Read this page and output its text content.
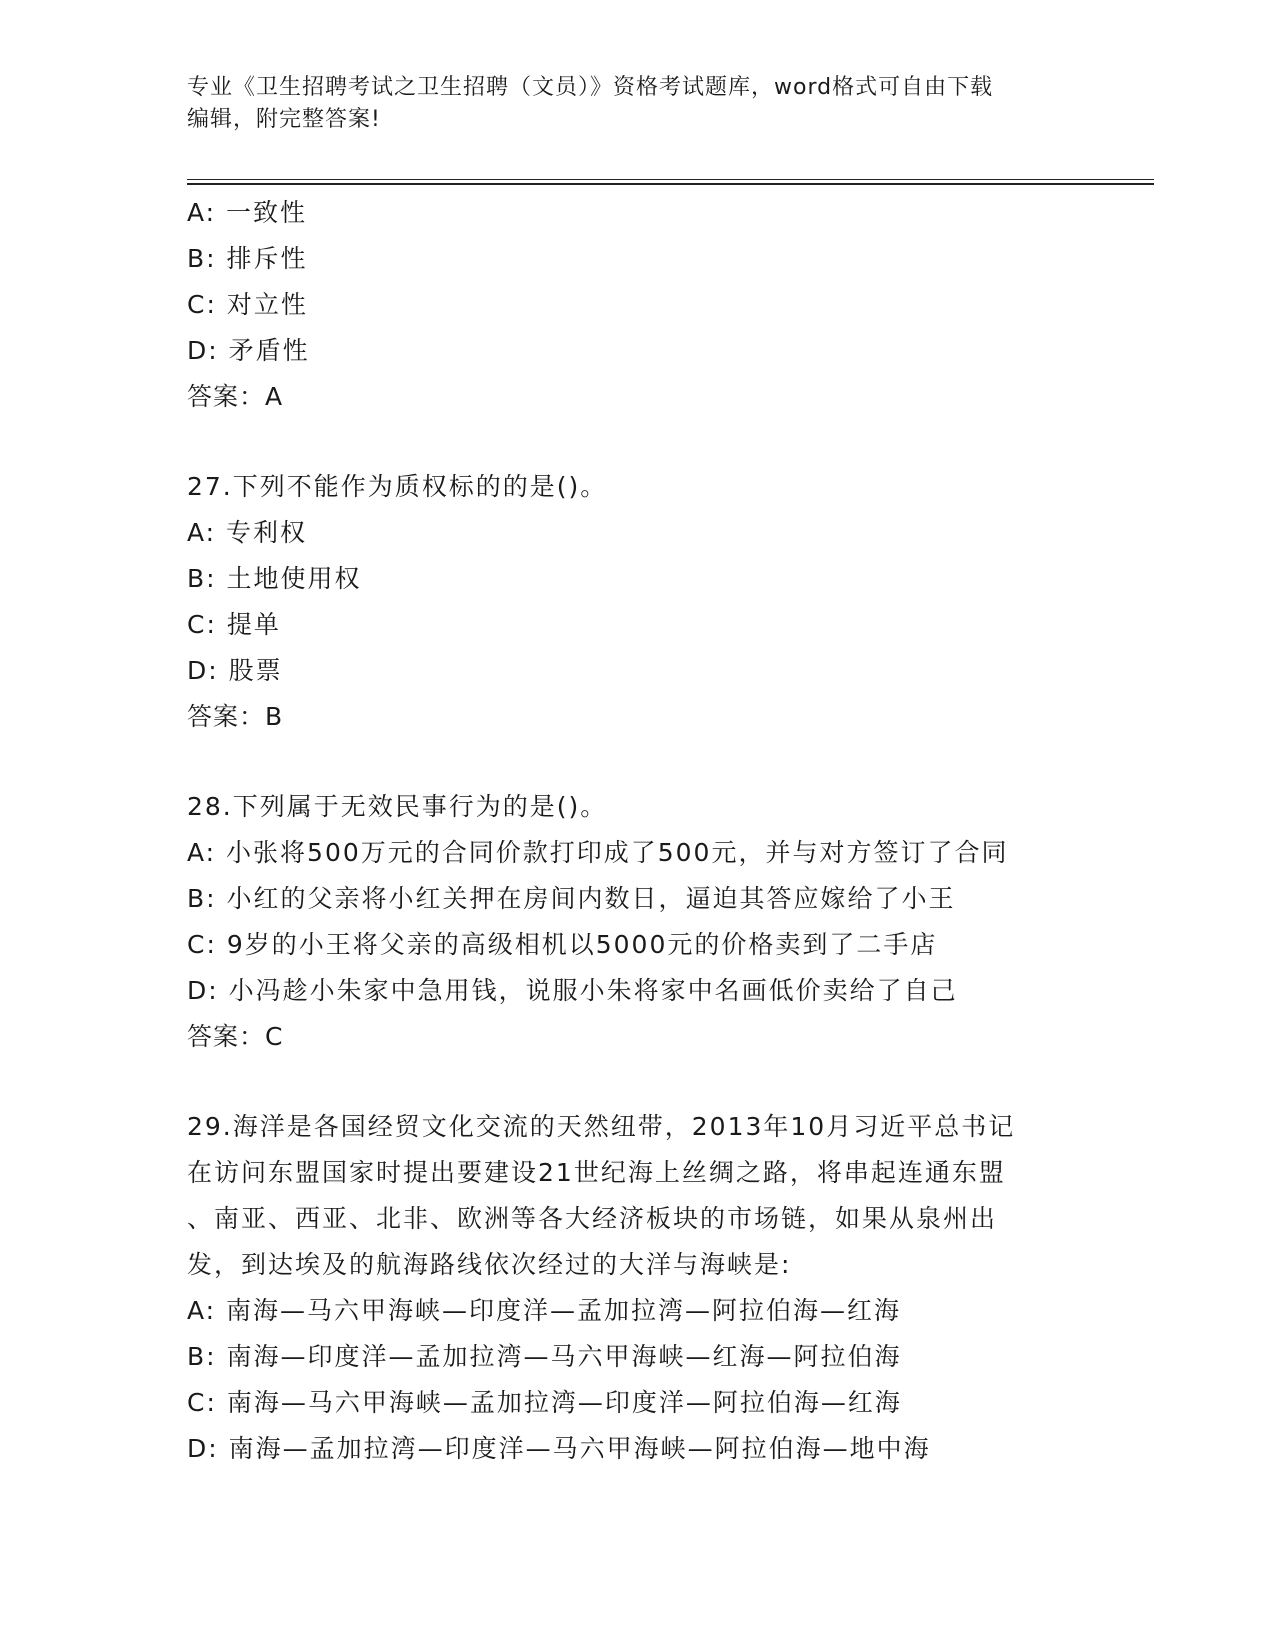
专业《卫生招聘考试之卫生招聘（文员）》资格考试题库，word格式可自由下载
编辑，附完整答案!
A: 一致性
B: 排斥性
C: 对立性
D: 矛盾性
答案：A
27.下列不能作为质权标的的是()。
A: 专利权
B: 土地使用权
C: 提单
D: 股票
答案：B
28.下列属于无效民事行为的是()。
A: 小张将500万元的合同价款打印成了500元，并与对方签订了合同
B: 小红的父亲将小红关押在房间内数日，逼迫其答应嫁给了小王
C: 9岁的小王将父亲的高级相机以5000元的价格卖到了二手店
D: 小冯趁小朱家中急用钱，说服小朱将家中名画低价卖给了自己
答案：C
29.海洋是各国经贸文化交流的天然纽带，2013年10月习近平总书记
在访问东盟国家时提出要建设21世纪海上丝绸之路，将串起连通东盟
、南亚、西亚、北非、欧洲等各大经济板块的市场链，如果从泉州出
发，到达埃及的航海路线依次经过的大洋与海峡是:
A: 南海—马六甲海峡—印度洋—孟加拉湾—阿拉伯海—红海
B: 南海—印度洋—孟加拉湾—马六甲海峡—红海—阿拉伯海
C: 南海—马六甲海峡—孟加拉湾—印度洋—阿拉伯海—红海
D: 南海—孟加拉湾—印度洋—马六甲海峡—阿拉伯海—地中海
